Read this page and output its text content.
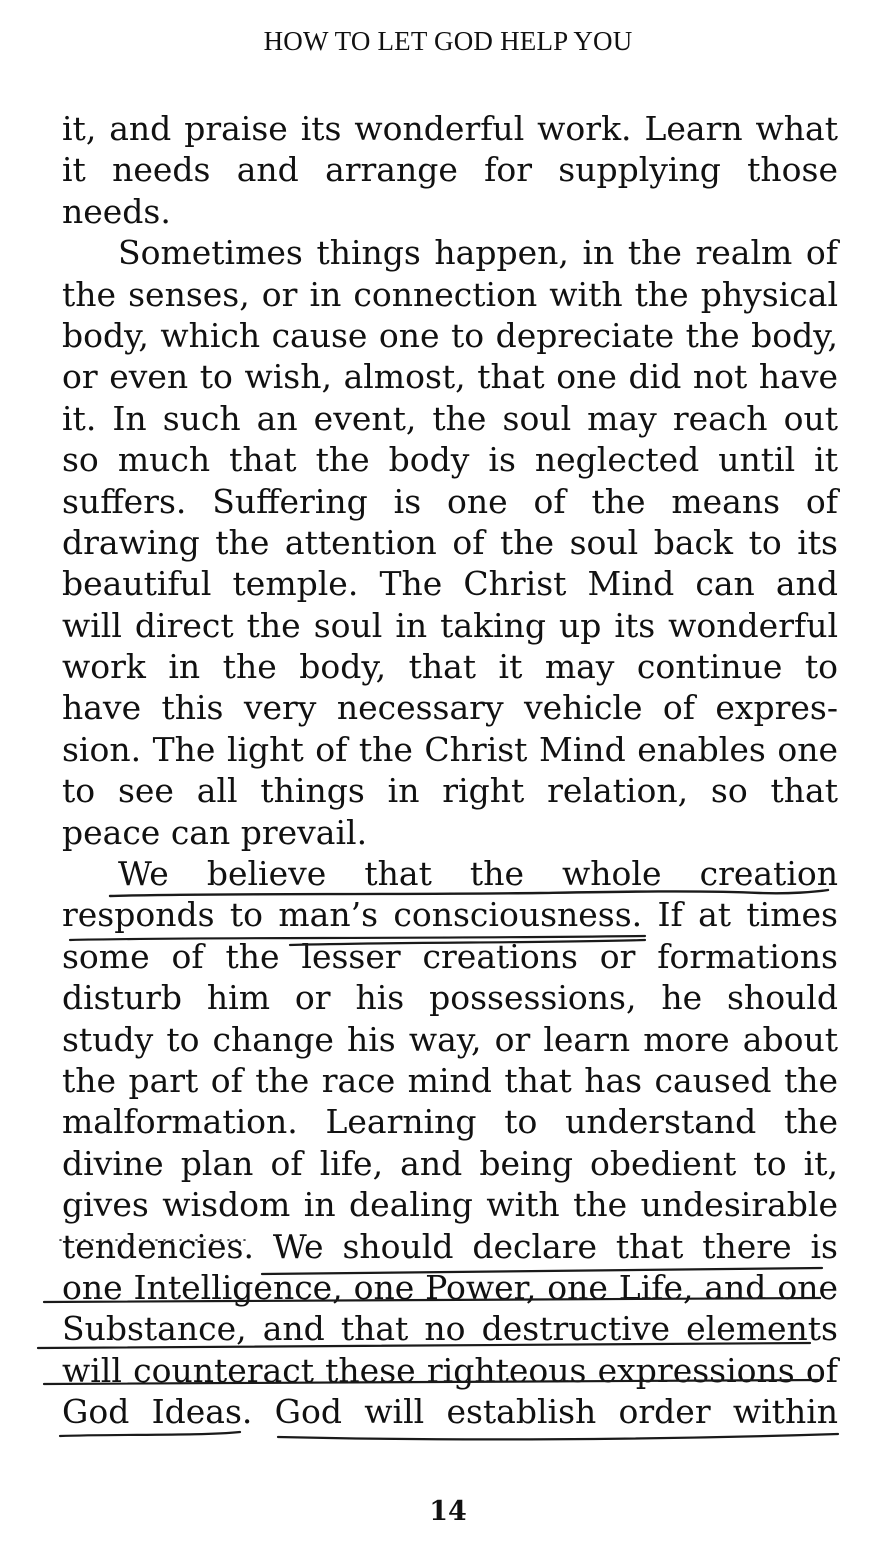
HOW TO LET GOD HELP YOU
it, and praise its wonderful work. Learn what
it needs and arrange for supplying those
needs.
Sometimes things happen, in the realm of
the senses, or in connection with the physical
body, which cause one to depreciate the body,
or even to wish, almost, that one did not have
it. In such an event, the soul may reach out
so much that the body is neglected until it
suffers. Suffering is one of the means of
drawing the attention of the soul back to its
beautiful temple. The Christ Mind can and
will direct the soul in taking up its wonderful
work in the body, that it may continue to
have this very necessary vehicle of expres-
sion. The light of the Christ Mind enables one
to see all things in right relation, so that
peace can prevail.
We believe that the whole creation
responds to man’s consciousness. If at times
some of the lesser creations or formations
disturb him or his possessions, he should
study to change his way, or learn more about
the part of the race mind that has caused the
malformation. Learning to understand the
divine plan of life, and being obedient to it,
gives wisdom in dealing with the undesirable
tendencies. We should declare that there is
one Intelligence, one Power, one Life, and one
Substance, and that no destructive elements
will counteract these righteous expressions of
God Ideas. God will establish order within
14
